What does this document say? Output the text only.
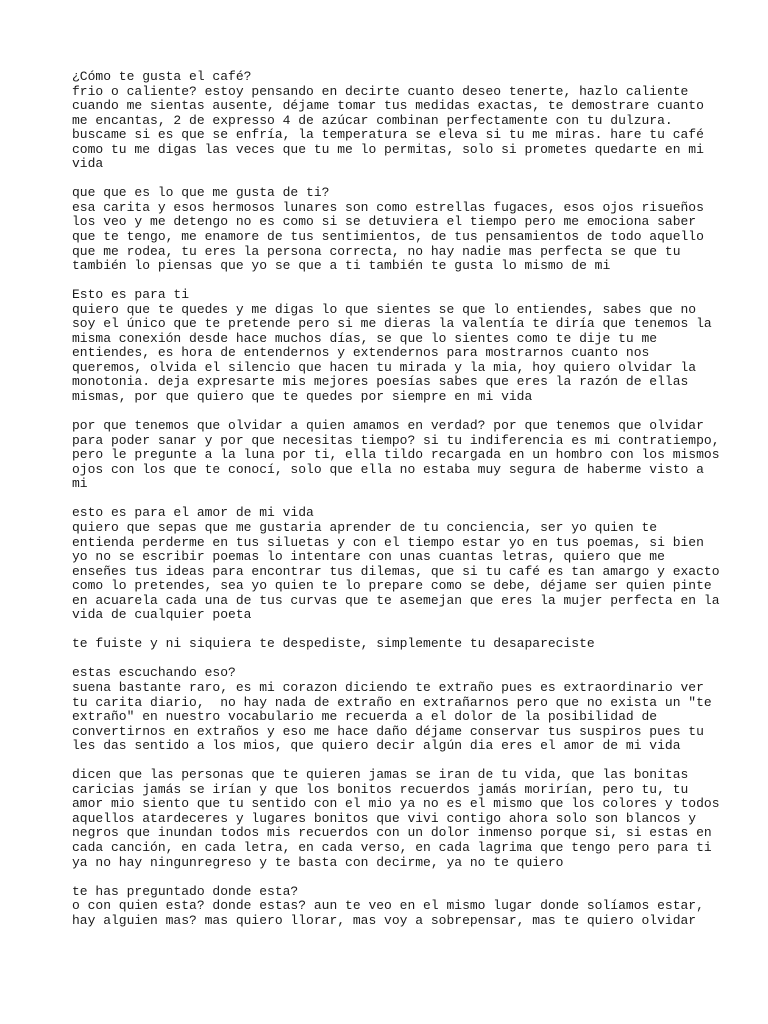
¿Cómo te gusta el café?
frio o caliente? estoy pensando en decirte cuanto deseo tenerte, hazlo caliente
cuando me sientas ausente, déjame tomar tus medidas exactas, te demostrare cuanto
me encantas, 2 de expresso 4 de azúcar combinan perfectamente con tu dulzura.
buscame si es que se enfría, la temperatura se eleva si tu me miras. hare tu café
como tu me digas las veces que tu me lo permitas, solo si prometes quedarte en mi
vida
que que es lo que me gusta de ti?
esa carita y esos hermosos lunares son como estrellas fugaces, esos ojos risueños
los veo y me detengo no es como si se detuviera el tiempo pero me emociona saber
que te tengo, me enamore de tus sentimientos, de tus pensamientos de todo aquello
que me rodea, tu eres la persona correcta, no hay nadie mas perfecta se que tu
también lo piensas que yo se que a ti también te gusta lo mismo de mi
Esto es para ti
quiero que te quedes y me digas lo que sientes se que lo entiendes, sabes que no
soy el único que te pretende pero si me dieras la valentía te diría que tenemos la
misma conexión desde hace muchos días, se que lo sientes como te dije tu me
entiendes, es hora de entendernos y extendernos para mostrarnos cuanto nos
queremos, olvida el silencio que hacen tu mirada y la mia, hoy quiero olvidar la
monotonia. deja expresarte mis mejores poesías sabes que eres la razón de ellas
mismas, por que quiero que te quedes por siempre en mi vida
por que tenemos que olvidar a quien amamos en verdad? por que tenemos que olvidar
para poder sanar y por que necesitas tiempo? si tu indiferencia es mi contratiempo,
pero le pregunte a la luna por ti, ella tildo recargada en un hombro con los mismos
ojos con los que te conocí, solo que ella no estaba muy segura de haberme visto a
mi
esto es para el amor de mi vida
quiero que sepas que me gustaria aprender de tu conciencia, ser yo quien te
entienda perderme en tus siluetas y con el tiempo estar yo en tus poemas, si bien
yo no se escribir poemas lo intentare con unas cuantas letras, quiero que me
enseñes tus ideas para encontrar tus dilemas, que si tu café es tan amargo y exacto
como lo pretendes, sea yo quien te lo prepare como se debe, déjame ser quien pinte
en acuarela cada una de tus curvas que te asemejan que eres la mujer perfecta en la
vida de cualquier poeta
te fuiste y ni siquiera te despediste, simplemente tu desapareciste
estas escuchando eso?
suena bastante raro, es mi corazon diciendo te extraño pues es extraordinario ver
tu carita diario,  no hay nada de extraño en extrañarnos pero que no exista un "te
extraño" en nuestro vocabulario me recuerda a el dolor de la posibilidad de
convertirnos en extraños y eso me hace daño déjame conservar tus suspiros pues tu
les das sentido a los mios, que quiero decir algún dia eres el amor de mi vida
dicen que las personas que te quieren jamas se iran de tu vida, que las bonitas
caricias jamás se irían y que los bonitos recuerdos jamás morirían, pero tu, tu
amor mio siento que tu sentido con el mio ya no es el mismo que los colores y todos
aquellos atardeceres y lugares bonitos que vivi contigo ahora solo son blancos y
negros que inundan todos mis recuerdos con un dolor inmenso porque si, si estas en
cada canción, en cada letra, en cada verso, en cada lagrima que tengo pero para ti
ya no hay ningunregreso y te basta con decirme, ya no te quiero
te has preguntado donde esta?
o con quien esta? donde estas? aun te veo en el mismo lugar donde solíamos estar,
hay alguien mas? mas quiero llorar, mas voy a sobrepensar, mas te quiero olvidar
